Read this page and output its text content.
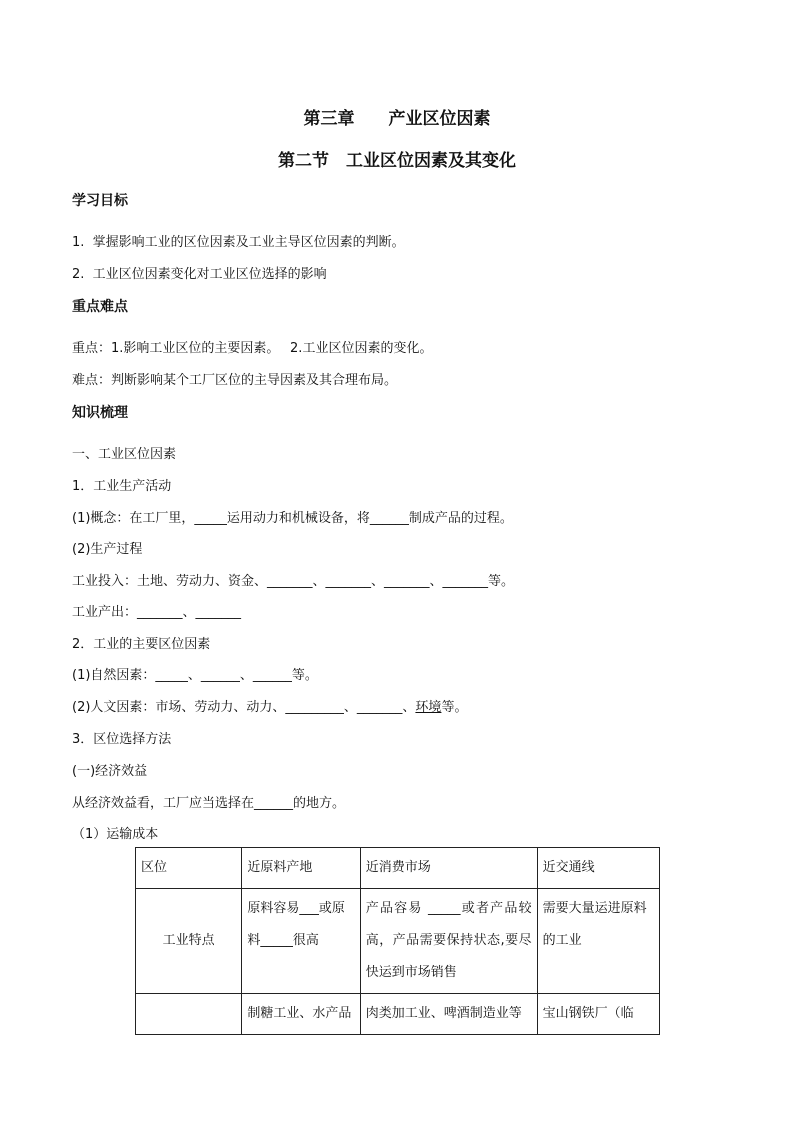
第三章　　产业区位因素
第二节　工业区位因素及其变化
学习目标
1.  掌握影响工业的区位因素及工业主导区位因素的判断。
2.  工业区位因素变化对工业区位选择的影响
重点难点
重点：1.影响工业区位的主要因素。　 2.工业区位因素的变化。
难点：判断影响某个工厂区位的主导因素及其合理布局。
知识梳理
一、工业区位因素
1．工业生产活动
(1)概念：在工厂里，_____运用动力和机械设备，将______制成产品的过程。
(2)生产过程
工业投入：土地、劳动力、资金、_______、_______、_______、_______等。
工业产出：_______、_______
2．工业的主要区位因素
(1)自然因素：_____、______、______等。
(2)人文因素：市场、劳动力、动力、_________、_______、环境等。
3．区位选择方法
(一)经济效益
从经济效益看，工厂应当选择在______的地方。
（1）运输成本
区位	近原料产地	近消费市场	近交通线
工业特点	原料容易___或原料_____很高	产品容易 _____或者产品较高，产品需要保持状态,要尽快运到市场销售	需要大量运进原料的工业
	制糖工业、水产品	肉类加工业、啤酒制造业等	宝山钢铁厂（临
